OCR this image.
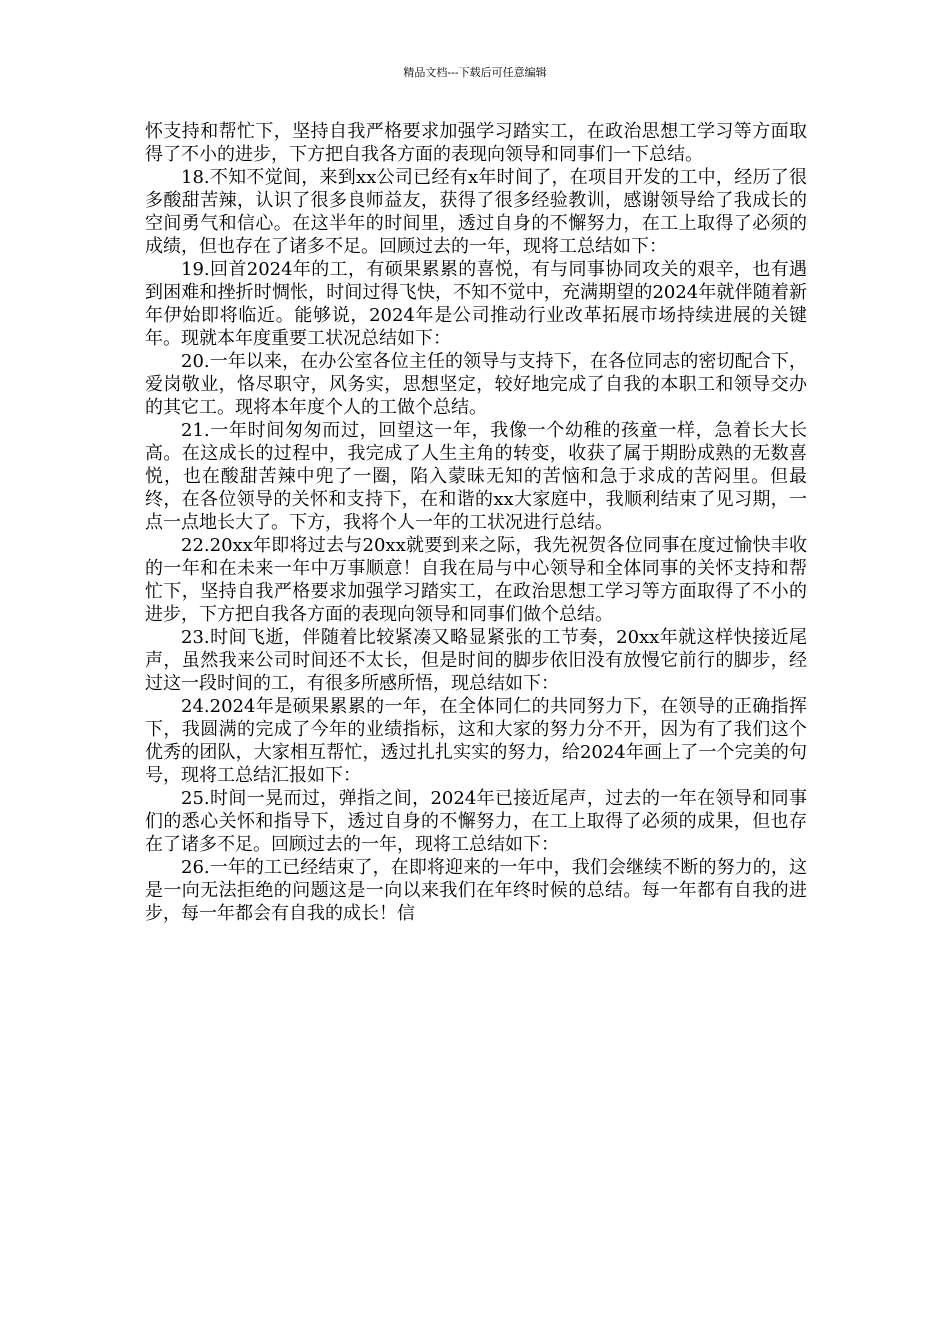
精品文档---下载后可任意编辑

怀支持和帮忙下，坚持自我严格要求加强学习踏实工，在政治思想工学习等方面取得了不小的进步，下方把自我各方面的表现向领导和同事们一下总结。

18.不知不觉间，来到xx公司已经有x年时间了，在项目开发的工中，经历了很多酸甜苦辣，认识了很多良师益友，获得了很多经验教训，感谢领导给了我成长的空间勇气和信心。在这半年的时间里，透过自身的不懈努力，在工上取得了必须的成绩，但也存在了诸多不足。回顾过去的一年，现将工总结如下：

19.回首2024年的工，有硕果累累的喜悦，有与同事协同攻关的艰辛，也有遇到困难和挫折时惆怅，时间过得飞快，不知不觉中，充满期望的2024年就伴随着新年伊始即将临近。能够说，2024年是公司推动行业改革拓展市场持续进展的关键年。现就本年度重要工状况总结如下：

20.一年以来，在办公室各位主任的领导与支持下，在各位同志的密切配合下，爱岗敬业，恪尽职守，风务实，思想坚定，较好地完成了自我的本职工和领导交办的其它工。现将本年度个人的工做个总结。

21.一年时间匆匆而过，回望这一年，我像一个幼稚的孩童一样，急着长大长高。在这成长的过程中，我完成了人生主角的转变，收获了属于期盼成熟的无数喜悦，也在酸甜苦辣中兜了一圈，陷入蒙昧无知的苦恼和急于求成的苦闷里。但最终，在各位领导的关怀和支持下，在和谐的xx大家庭中，我顺利结束了见习期，一点一点地长大了。下方，我将个人一年的工状况进行总结。

22.20xx年即将过去与20xx就要到来之际，我先祝贺各位同事在度过愉快丰收的一年和在未来一年中万事顺意！自我在局与中心领导和全体同事的关怀支持和帮忙下，坚持自我严格要求加强学习踏实工，在政治思想工学习等方面取得了不小的进步，下方把自我各方面的表现向领导和同事们做个总结。

23.时间飞逝，伴随着比较紧凑又略显紧张的工节奏，20xx年就这样快接近尾声，虽然我来公司时间还不太长，但是时间的脚步依旧没有放慢它前行的脚步，经过这一段时间的工，有很多所感所悟，现总结如下：

24.2024年是硕果累累的一年，在全体同仁的共同努力下，在领导的正确指挥下，我圆满的完成了今年的业绩指标，这和大家的努力分不开，因为有了我们这个优秀的团队，大家相互帮忙，透过扎扎实实的努力，给2024年画上了一个完美的句号，现将工总结汇报如下：

25.时间一晃而过，弹指之间，2024年已接近尾声，过去的一年在领导和同事们的悉心关怀和指导下，透过自身的不懈努力，在工上取得了必须的成果，但也存在了诸多不足。回顾过去的一年，现将工总结如下：

26.一年的工已经结束了，在即将迎来的一年中，我们会继续不断的努力的，这是一向无法拒绝的问题这是一向以来我们在年终时候的总结。每一年都有自我的进步，每一年都会有自我的成长！信
